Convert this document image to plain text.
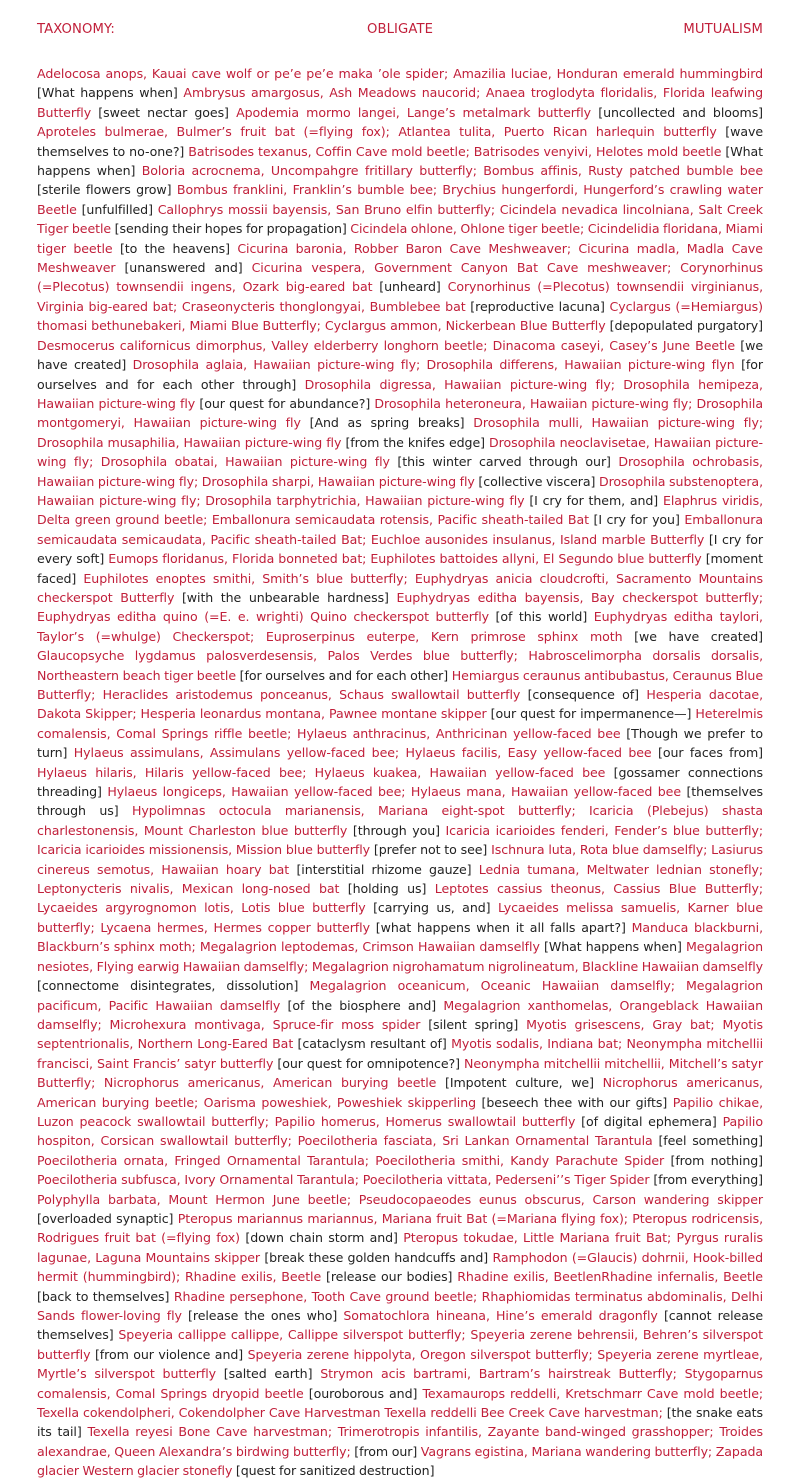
TAXONOMY:	OBLIGATE	MUTUALISM

Adelocosa anops, Kauai cave wolf or pe’e pe’e maka ’ole spider; Amazilia luciae, Honduran emerald hummingbird [What happens when] Ambrysus amargosus, Ash Meadows naucorid; Anaea troglodyta floridalis, Florida leafwing Butterfly [sweet nectar goes] Apodemia mormo langei, Lange’s metalmark butterfly [uncollected and blooms] Aproteles bulmerae, Bulmer’s fruit bat (=flying fox); Atlantea tulita, Puerto Rican harlequin butterfly [wave themselves to no-one?] Batrisodes texanus, Coffin Cave mold beetle; Batrisodes venyivi, Helotes mold beetle [What happens when] Boloria acrocnema, Uncompahgre fritillary butterfly; Bombus affinis, Rusty patched bumble bee [sterile flowers grow] Bombus franklini, Franklin’s bumble bee; Brychius hungerfordi, Hungerford’s crawling water Beetle [unfulfilled] Callophrys mossii bayensis, San Bruno elfin butterfly; Cicindela nevadica lincolniana, Salt Creek Tiger beetle [sending their hopes for propagation] Cicindela ohlone, Ohlone tiger beetle; Cicindelidia floridana, Miami tiger beetle [to the heavens] Cicurina baronia, Robber Baron Cave Meshweaver; Cicurina madla, Madla Cave Meshweaver [unanswered and] Cicurina vespera, Government Canyon Bat Cave meshweaver; Corynorhinus (=Plecotus) townsendii ingens, Ozark big-eared bat [unheard] Corynorhinus (=Plecotus) townsendii virginianus, Virginia big-eared bat; Craseonycteris thonglongyai, Bumblebee bat [reproductive lacuna] Cyclargus (=Hemiargus) thomasi bethunebakeri, Miami Blue Butterfly; Cyclargus ammon, Nickerbean Blue Butterfly [depopulated purgatory] Desmocerus californicus dimorphus, Valley elderberry longhorn beetle; Dinacoma caseyi, Casey’s June Beetle [we have created] Drosophila aglaia, Hawaiian picture-wing fly; Drosophila differens, Hawaiian picture-wing flyn [for ourselves and for each other through] Drosophila digressa, Hawaiian picture-wing fly; Drosophila hemipeza, Hawaiian picture-wing fly [our quest for abundance?] Drosophila heteroneura, Hawaiian picture-wing fly; Drosophila montgomeryi, Hawaiian picture-wing fly [And as spring breaks] Drosophila mulli, Hawaiian picture-wing fly; Drosophila musaphilia, Hawaiian picture-wing fly [from the knifes edge] Drosophila neoclavisetae, Hawaiian picture-wing fly; Drosophila obatai, Hawaiian picture-wing fly [this winter carved through our] Drosophila ochrobasis, Hawaiian picture-wing fly; Drosophila sharpi, Hawaiian picture-wing fly [collective viscera] Drosophila substenoptera, Hawaiian picture-wing fly; Drosophila tarphytrichia, Hawaiian picture-wing fly [I cry for them, and] Elaphrus viridis, Delta green ground beetle; Emballonura semicaudata rotensis, Pacific sheath-tailed Bat [I cry for you] Emballonura semicaudata semicaudata, Pacific sheath-tailed Bat; Euchloe ausonides insulanus, Island marble Butterfly [I cry for every soft] Eumops floridanus, Florida bonneted bat; Euphilotes battoides allyni, El Segundo blue butterfly [moment faced] Euphilotes enoptes smithi, Smith’s blue butterfly; Euphydryas anicia cloudcrofti, Sacramento Mountains checkerspot Butterfly [with the unbearable hardness] Euphydryas editha bayensis, Bay checkerspot butterfly; Euphydryas editha quino (=E. e. wrighti) Quino checkerspot butterfly [of this world] Euphydryas editha taylori, Taylor’s (=whulge) Checkerspot; Euproserpinus euterpe, Kern primrose sphinx moth [we have created] Glaucopsyche lygdamus palosverdesensis, Palos Verdes blue butterfly; Habroscelimorpha dorsalis dorsalis, Northeastern beach tiger beetle [for ourselves and for each other] Hemiargus ceraunus antibubastus, Ceraunus Blue Butterfly; Heraclides aristodemus ponceanus, Schaus swallowtail butterfly [consequence of] Hesperia dacotae, Dakota Skipper; Hesperia leonardus montana, Pawnee montane skipper [our quest for impermanence—] Heterelmis comalensis, Comal Springs riffle beetle; Hylaeus anthracinus, Anthricinan yellow-faced bee [Though we prefer to turn] Hylaeus assimulans, Assimulans yellow-faced bee; Hylaeus facilis, Easy yellow-faced bee [our faces from] Hylaeus hilaris, Hilaris yellow-faced bee; Hylaeus kuakea, Hawaiian yellow-faced bee [gossamer connections threading] Hylaeus longiceps, Hawaiian yellow-faced bee; Hylaeus mana, Hawaiian yellow-faced bee [themselves through us] Hypolimnas octocula marianensis, Mariana eight-spot butterfly; Icaricia (Plebejus) shasta charlestonensis, Mount Charleston blue butterfly [through you] Icaricia icarioides fenderi, Fender’s blue butterfly; Icaricia icarioides missionensis, Mission blue butterfly [prefer not to see] Ischnura luta, Rota blue damselfly; Lasiurus cinereus semotus, Hawaiian hoary bat [interstitial rhizome gauze] Lednia tumana, Meltwater lednian stonefly; Leptonycteris nivalis, Mexican long-nosed bat [holding us] Leptotes cassius theonus, Cassius Blue Butterfly; Lycaeides argyrognomon lotis, Lotis blue butterfly [carrying us, and] Lycaeides melissa samuelis, Karner blue butterfly; Lycaena hermes, Hermes copper butterfly [what happens when it all falls apart?] Manduca blackburni, Blackburn’s sphinx moth; Megalagrion leptodemas, Crimson Hawaiian damselfly [What happens when] Megalagrion nesiotes, Flying earwig Hawaiian damselfly; Megalagrion nigrohamatum nigrolineatum, Blackline Hawaiian damselfly [connectome disintegrates, dissolution] Megalagrion oceanicum, Oceanic Hawaiian damselfly; Megalagrion pacificum, Pacific Hawaiian damselfly [of the biosphere and] Megalagrion xanthomelas, Orangeblack Hawaiian damselfly; Microhexura montivaga, Spruce-fir moss spider [silent spring] Myotis grisescens, Gray bat; Myotis septentrionalis, Northern Long-Eared Bat [cataclysm resultant of] Myotis sodalis, Indiana bat; Neonympha mitchellii francisci, Saint Francis’ satyr butterfly [our quest for omnipotence?] Neonympha mitchellii mitchellii, Mitchell’s satyr Butterfly; Nicrophorus americanus, American burying beetle [Impotent culture, we] Nicrophorus americanus, American burying beetle; Oarisma poweshiek, Poweshiek skipperling [beseech thee with our gifts] Papilio chikae, Luzon peacock swallowtail butterfly; Papilio homerus, Homerus swallowtail butterfly [of digital ephemera] Papilio hospiton, Corsican swallowtail butterfly; Poecilotheria fasciata, Sri Lankan Ornamental Tarantula [feel something] Poecilotheria ornata, Fringed Ornamental Tarantula; Poecilotheria smithi, Kandy Parachute Spider [from nothing] Poecilotheria subfusca, Ivory Ornamental Tarantula; Poecilotheria vittata, Pederseni’’s Tiger Spider [from everything] Polyphylla barbata, Mount Hermon June beetle; Pseudocopaeodes eunus obscurus, Carson wandering skipper [overloaded synaptic] Pteropus mariannus mariannus, Mariana fruit Bat (=Mariana flying fox); Pteropus rodricensis, Rodrigues fruit bat (=flying fox) [down chain storm and] Pteropus tokudae, Little Mariana fruit Bat; Pyrgus ruralis lagunae, Laguna Mountains skipper [break these golden handcuffs and] Ramphodon (=Glaucis) dohrnii, Hook-billed hermit (hummingbird); Rhadine exilis, Beetle [release our bodies] Rhadine exilis, BeetlenRhadine infernalis, Beetle [back to themselves] Rhadine persephone, Tooth Cave ground beetle; Rhaphiomidas terminatus abdominalis, Delhi Sands flower-loving fly [release the ones who] Somatochlora hineana, Hine’s emerald dragonfly [cannot release themselves] Speyeria callippe callippe, Callippe silverspot butterfly; Speyeria zerene behrensii, Behren’s silverspot butterfly [from our violence and] Speyeria zerene hippolyta, Oregon silverspot butterfly; Speyeria zerene myrtleae, Myrtle’s silverspot butterfly [salted earth] Strymon acis bartrami, Bartram’s hairstreak Butterfly; Stygoparnus comalensis, Comal Springs dryopid beetle [ouroborous and] Texamaurops reddelli, Kretschmarr Cave mold beetle; Texella cokendolpheri, Cokendolpher Cave Harvestman Texella reddelli Bee Creek Cave harvestman; [the snake eats its tail] Texella reyesi Bone Cave harvestman; Trimerotropis infantilis, Zayante band-winged grasshopper; Troides alexandrae, Queen Alexandra’s birdwing butterfly; [from our] Vagrans egistina, Mariana wandering butterfly; Zapada glacier Western glacier stonefly [quest for sanitized destruction]
